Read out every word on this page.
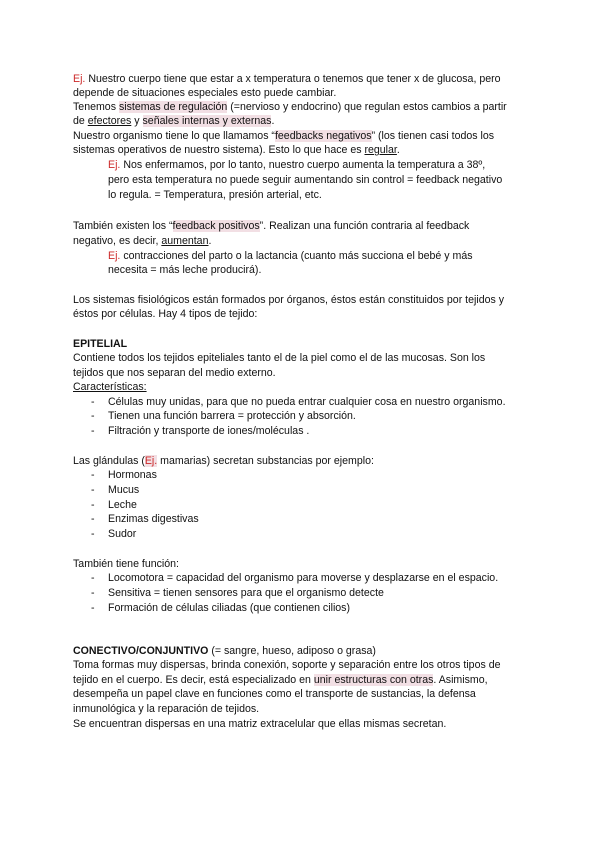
Ej. Nuestro cuerpo tiene que estar a x temperatura o tenemos que tener x de glucosa, pero
depende de situaciones especiales esto puede cambiar.
Tenemos sistemas de regulación (=nervioso y endocrino) que regulan estos cambios a partir
de efectores y señales internas y externas.
Nuestro organismo tiene lo que llamamos “feedbacks negativos” (los tienen casi todos los
sistemas operativos de nuestro sistema). Esto lo que hace es regular.
Ej. Nos enfermamos, por lo tanto, nuestro cuerpo aumenta la temperatura a 38º,
pero esta temperatura no puede seguir aumentando sin control = feedback negativo
lo regula. = Temperatura, presión arterial, etc.
También existen los “feedback positivos”. Realizan una función contraria al feedback
negativo, es decir, aumentan.
Ej. contracciones del parto o la lactancia (cuanto más succiona el bebé y más
necesita = más leche producirá).
Los sistemas fisiológicos están formados por órganos, éstos están constituidos por tejidos y
éstos por células. Hay 4 tipos de tejido:
EPITELIAL
Contiene todos los tejidos epiteliales tanto el de la piel como el de las mucosas. Son los
tejidos que nos separan del medio externo.
Características:
- Células muy unidas, para que no pueda entrar cualquier cosa en nuestro organismo.
- Tienen una función barrera = protección y absorción.
- Filtración y transporte de iones/moléculas .
Las glándulas (Ej. mamarias) secretan substancias por ejemplo:
- Hormonas
- Mucus
- Leche
- Enzimas digestivas
- Sudor
También tiene función:
- Locomotora = capacidad del organismo para moverse y desplazarse en el espacio.
- Sensitiva = tienen sensores para que el organismo detecte
- Formación de células ciliadas (que contienen cilios)
CONECTIVO/CONJUNTIVO (= sangre, hueso, adiposo o grasa)
Toma formas muy dispersas, brinda conexión, soporte y separación entre los otros tipos de
tejido en el cuerpo. Es decir, está especializado en unir estructuras con otras. Asimismo,
desempeña un papel clave en funciones como el transporte de sustancias, la defensa
inmunológica y la reparación de tejidos.
Se encuentran dispersas en una matriz extracelular que ellas mismas secretan.
